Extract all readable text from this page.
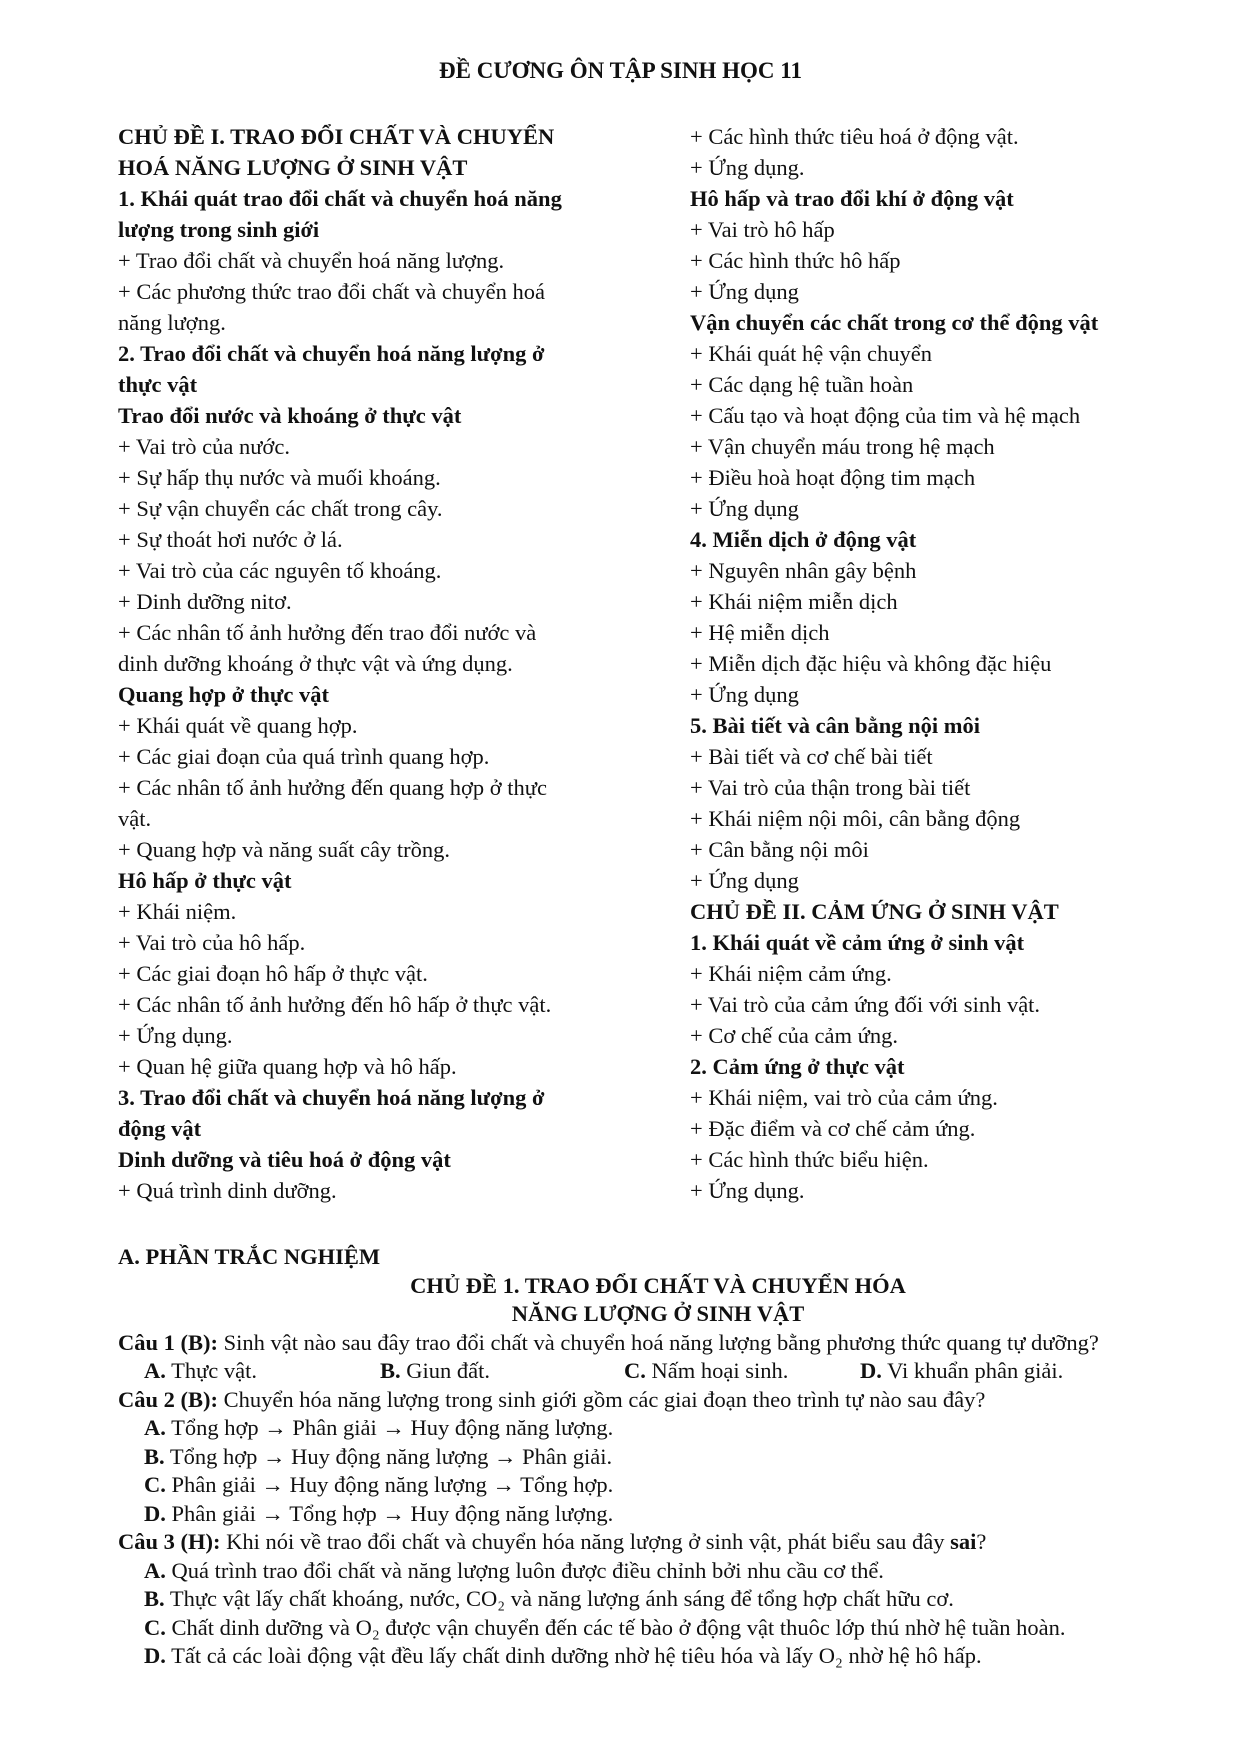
ĐỀ CƯƠNG ÔN TẬP SINH HỌC 11
CHỦ ĐỀ I. TRAO ĐỔI CHẤT VÀ CHUYỂN
HOÁ NĂNG LƯỢNG Ở SINH VẬT
1. Khái quát trao đổi chất và chuyển hoá năng
lượng trong sinh giới
+ Trao đổi chất và chuyển hoá năng lượng.
+ Các phương thức trao đổi chất và chuyển hoá
năng lượng.
2. Trao đổi chất và chuyển hoá năng lượng ở
thực vật
Trao đổi nước và khoáng ở thực vật
+ Vai trò của nước.
+ Sự hấp thụ nước và muối khoáng.
+ Sự vận chuyển các chất trong cây.
+ Sự thoát hơi nước ở lá.
+ Vai trò của các nguyên tố khoáng.
+ Dinh dưỡng nitơ.
+ Các nhân tố ảnh hưởng đến trao đổi nước và
dinh dưỡng khoáng ở thực vật và ứng dụng.
Quang hợp ở thực vật
+ Khái quát về quang hợp.
+ Các giai đoạn của quá trình quang hợp.
+ Các nhân tố ảnh hưởng đến quang hợp ở thực
vật.
+ Quang hợp và năng suất cây trồng.
Hô hấp ở thực vật
+ Khái niệm.
+ Vai trò của hô hấp.
+ Các giai đoạn hô hấp ở thực vật.
+ Các nhân tố ảnh hưởng đến hô hấp ở thực vật.
+ Ứng dụng.
+ Quan hệ giữa quang hợp và hô hấp.
3. Trao đổi chất và chuyển hoá năng lượng ở
động vật
Dinh dưỡng và tiêu hoá ở động vật
+ Quá trình dinh dưỡng.
+ Các hình thức tiêu hoá ở động vật.
+ Ứng dụng.
Hô hấp và trao đổi khí ở động vật
+ Vai trò hô hấp
+ Các hình thức hô hấp
+ Ứng dụng
Vận chuyển các chất trong cơ thể động vật
+ Khái quát hệ vận chuyển
+ Các dạng hệ tuần hoàn
+ Cấu tạo và hoạt động của tim và hệ mạch
+ Vận chuyển máu trong hệ mạch
+ Điều hoà hoạt động tim mạch
+ Ứng dụng
4. Miễn dịch ở động vật
+ Nguyên nhân gây bệnh
+ Khái niệm miễn dịch
+ Hệ miễn dịch
+ Miễn dịch đặc hiệu và không đặc hiệu
+ Ứng dụng
5. Bài tiết và cân bằng nội môi
+ Bài tiết và cơ chế bài tiết
+ Vai trò của thận trong bài tiết
+ Khái niệm nội môi, cân bằng động
+ Cân bằng nội môi
+ Ứng dụng
CHỦ ĐỀ II. CẢM ỨNG Ở SINH VẬT
1. Khái quát về cảm ứng ở sinh vật
+ Khái niệm cảm ứng.
+ Vai trò của cảm ứng đối với sinh vật.
+ Cơ chế của cảm ứng.
2. Cảm ứng ở thực vật
+ Khái niệm, vai trò của cảm ứng.
+ Đặc điểm và cơ chế cảm ứng.
+ Các hình thức biểu hiện.
+ Ứng dụng.
A. PHẦN TRẮC NGHIỆM
CHỦ ĐỀ 1. TRAO ĐỔI CHẤT VÀ CHUYỂN HÓA
NĂNG LƯỢNG Ở SINH VẬT
Câu 1 (B): Sinh vật nào sau đây trao đổi chất và chuyển hoá năng lượng bằng phương thức quang tự dưỡng?
A. Thực vật.	B. Giun đất.	C. Nấm hoại sinh.	D. Vi khuẩn phân giải.
Câu 2 (B): Chuyển hóa năng lượng trong sinh giới gồm các giai đoạn theo trình tự nào sau đây?
A. Tổng hợp → Phân giải → Huy động năng lượng.
B. Tổng hợp → Huy động năng lượng → Phân giải.
C. Phân giải → Huy động năng lượng → Tổng hợp.
D. Phân giải → Tổng hợp → Huy động năng lượng.
Câu 3 (H): Khi nói về trao đổi chất và chuyển hóa năng lượng ở sinh vật, phát biểu sau đây sai?
A. Quá trình trao đổi chất và năng lượng luôn được điều chỉnh bởi nhu cầu cơ thể.
B. Thực vật lấy chất khoáng, nước, CO₂ và năng lượng ánh sáng để tổng hợp chất hữu cơ.
C. Chất dinh dưỡng và O₂ được vận chuyển đến các tế bào ở động vật thuôc lớp thú nhờ hệ tuần hoàn.
D. Tất cả các loài động vật đều lấy chất dinh dưỡng nhờ hệ tiêu hóa và lấy O₂ nhờ hệ hô hấp.
